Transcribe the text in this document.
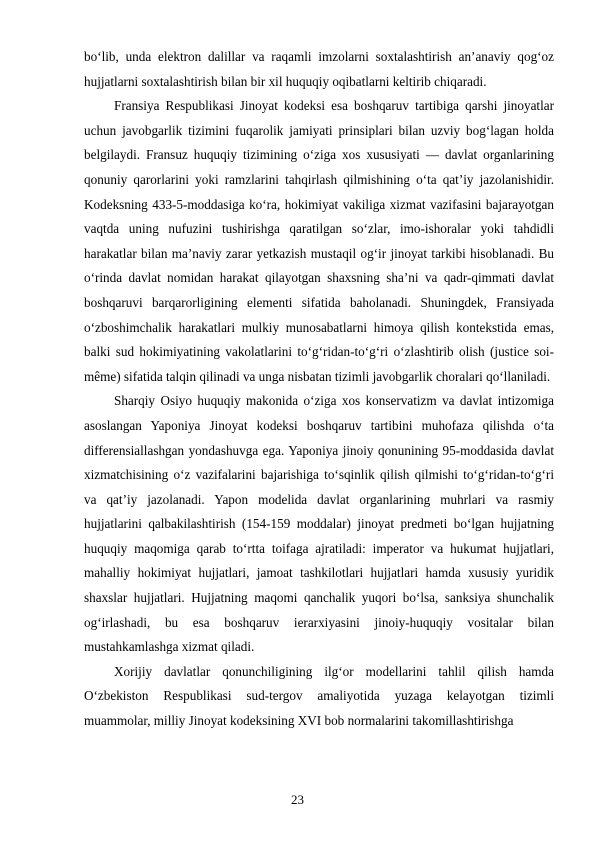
bo‘lib, unda elektron dalillar va raqamli imzolarni soxtalashtirish an’anaviy qog‘oz hujjatlarni soxtalashtirish bilan bir xil huquqiy oqibatlarni keltirib chiqaradi.

Fransiya Respublikasi Jinoyat kodeksi esa boshqaruv tartibiga qarshi jinoyatlar uchun javobgarlik tizimini fuqarolik jamiyati prinsiplari bilan uzviy bog‘lagan holda belgilaydi. Fransuz huquqiy tizimining o‘ziga xos xususiyati — davlat organlarining qonuniy qarorlarini yoki ramzlarini tahqirlash qilmishining o‘ta qat’iy jazolanishidir. Kodeksning 433-5-moddasiga ko‘ra, hokimiyat vakiliga xizmat vazifasini bajarayotgan vaqtda uning nufuzini tushirishga qaratilgan so‘zlar, imo-ishoralar yoki tahdidli harakatlar bilan ma’naviy zarar yetkazish mustaqil og‘ir jinoyat tarkibi hisoblanadi. Bu o‘rinda davlat nomidan harakat qilayotgan shaxsning sha’ni va qadr-qimmati davlat boshqaruvi barqarorligining elementi sifatida baholanadi. Shuningdek, Fransiyada o‘zboshimchalik harakatlari mulkiy munosabatlarni himoya qilish kontekstida emas, balki sud hokimiyatining vakolatlarini to‘g‘ridan-to‘g‘ri o‘zlashtirib olish (justice soi-même) sifatida talqin qilinadi va unga nisbatan tizimli javobgarlik choralari qo‘llaniladi.

Sharqiy Osiyo huquqiy makonida o‘ziga xos konservatizm va davlat intizomiga asoslangan Yaponiya Jinoyat kodeksi boshqaruv tartibini muhofaza qilishda o‘ta differensiallashgan yondashuvga ega. Yaponiya jinoiy qonunining 95-moddasida davlat xizmatchisining o‘z vazifalarini bajarishiga to‘sqinlik qilish qilmishi to‘g‘ridan-to‘g‘ri va qat’iy jazolanadi. Yapon modelida davlat organlarining muhrlari va rasmiy hujjatlarini qalbakilashtirish (154-159 moddalar) jinoyat predmeti bo‘lgan hujjatning huquqiy maqomiga qarab to‘rtta toifaga ajratiladi: imperator va hukumat hujjatlari, mahalliy hokimiyat hujjatlari, jamoat tashkilotlari hujjatlari hamda xususiy yuridik shaxslar hujjatlari. Hujjatning maqomi qanchalik yuqori bo‘lsa, sanksiya shunchalik og‘irlashadi, bu esa boshqaruv ierarxiyasini jinoiy-huquqiy vositalar bilan mustahkamlashga xizmat qiladi.

Xorijiy davlatlar qonunchiligining ilg‘or modellarini tahlil qilish hamda O‘zbekiston Respublikasi sud-tergov amaliyotida yuzaga kelayotgan tizimli muammolar, milliy Jinoyat kodeksining XVI bob normalarini takomillashtirishga

23
